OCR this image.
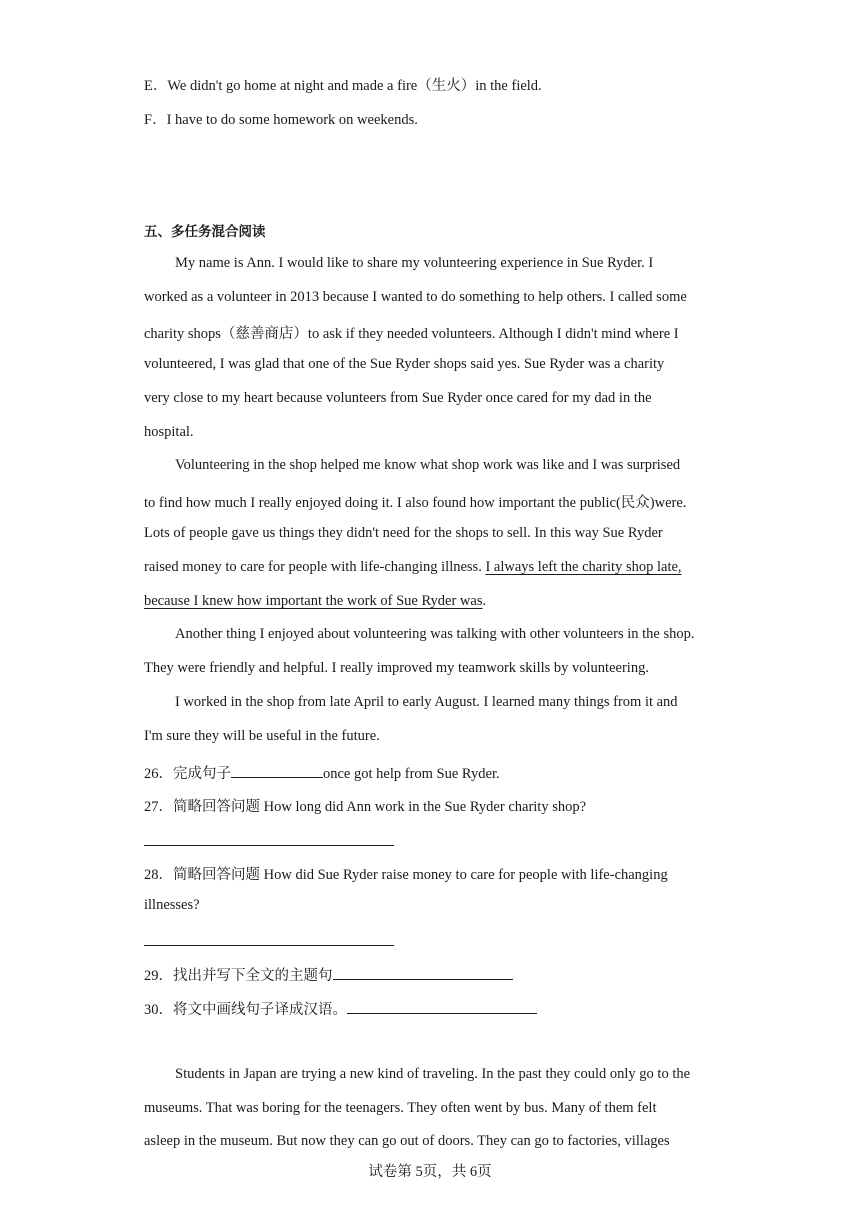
E．We didn't go home at night and made a fire（生火）in the field.
F．I have to do some homework on weekends.
五、多任务混合阅读
My name is Ann. I would like to share my volunteering experience in Sue Ryder. I
worked as a volunteer in 2013 because I wanted to do something to help others. I called some
charity shops（慈善商店）to ask if they needed volunteers. Although I didn't mind where I
volunteered, I was glad that one of the Sue Ryder shops said yes. Sue Ryder was a charity
very close to my heart because volunteers from Sue Ryder once cared for my dad in the
hospital.
Volunteering in the shop helped me know what shop work was like and I was surprised
to find how much I really enjoyed doing it. I also found how important the public(民众)were.
Lots of people gave us things they didn't need for the shops to sell. In this way Sue Ryder
raised money to care for people with life-changing illness. I always left the charity shop late,
because I knew how important the work of Sue Ryder was.
Another thing I enjoyed about volunteering was talking with other volunteers in the shop.
They were friendly and helpful. I really improved my teamwork skills by volunteering.
I worked in the shop from late April to early August. I learned many things from it and
I'm sure they will be useful in the future.
26．完成句子	once got help from Sue Ryder.
27．简略回答问题 How long did Ann work in the Sue Ryder charity shop?
28．简略回答问题 How did Sue Ryder raise money to care for people with life-changing
illnesses?
29．找出并写下全文的主题句
30．将文中画线句子译成汉语。
Students in Japan are trying a new kind of traveling. In the past they could only go to the
museums. That was boring for the teenagers. They often went by bus. Many of them felt
asleep in the museum. But now they can go out of doors. They can go to factories, villages
试卷第 5页，共 6页
